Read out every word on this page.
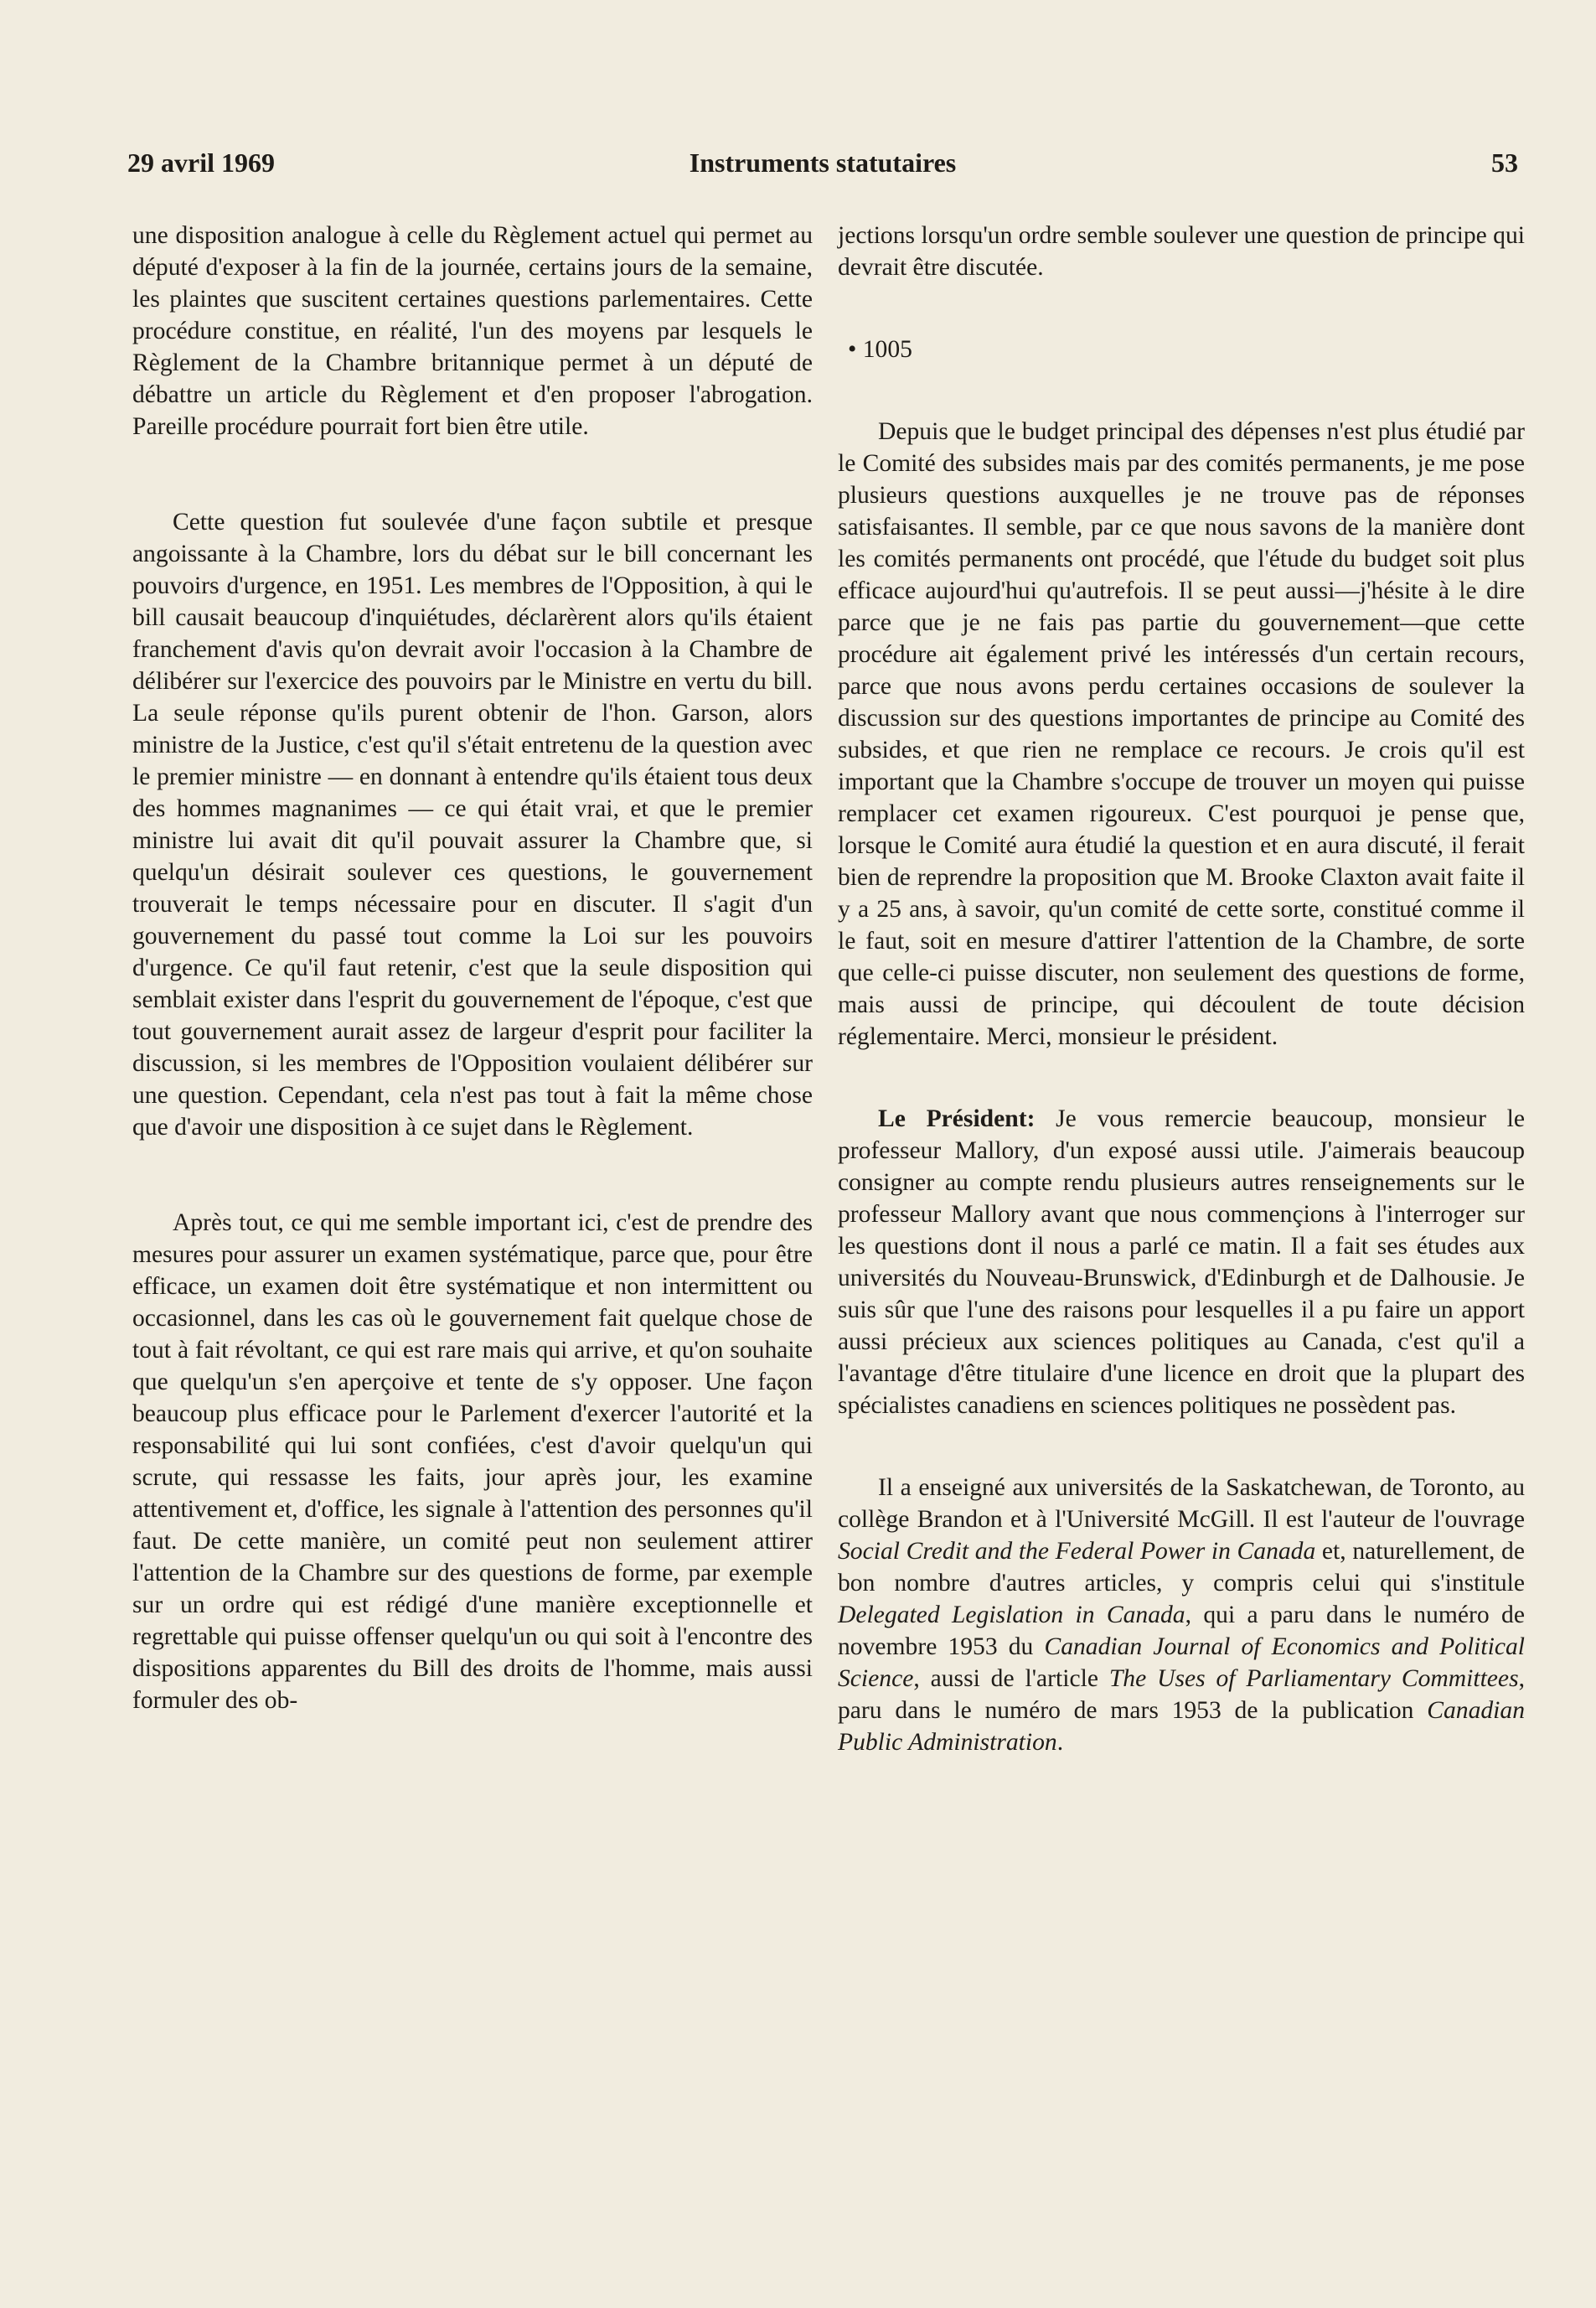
29 avril 1969	Instruments statutaires	53

une disposition analogue à celle du Règlement actuel qui permet au député d'exposer à la fin de la journée, certains jours de la semaine, les plaintes que suscitent certaines questions parlementaires. Cette procédure constitue, en réalité, l'un des moyens par lesquels le Règlement de la Chambre britannique permet à un député de débattre un article du Règlement et d'en proposer l'abrogation. Pareille procédure pourrait fort bien être utile.

Cette question fut soulevée d'une façon subtile et presque angoissante à la Chambre, lors du débat sur le bill concernant les pouvoirs d'urgence, en 1951. Les membres de l'Opposition, à qui le bill causait beaucoup d'inquiétudes, déclarèrent alors qu'ils étaient franchement d'avis qu'on devrait avoir l'occasion à la Chambre de délibérer sur l'exercice des pouvoirs par le Ministre en vertu du bill. La seule réponse qu'ils purent obtenir de l'hon. Garson, alors ministre de la Justice, c'est qu'il s'était entretenu de la question avec le premier ministre — en donnant à entendre qu'ils étaient tous deux des hommes magnanimes — ce qui était vrai, et que le premier ministre lui avait dit qu'il pouvait assurer la Chambre que, si quelqu'un désirait soulever ces questions, le gouvernement trouverait le temps nécessaire pour en discuter. Il s'agit d'un gouvernement du passé tout comme la Loi sur les pouvoirs d'urgence. Ce qu'il faut retenir, c'est que la seule disposition qui semblait exister dans l'esprit du gouvernement de l'époque, c'est que tout gouvernement aurait assez de largeur d'esprit pour faciliter la discussion, si les membres de l'Opposition voulaient délibérer sur une question. Cependant, cela n'est pas tout à fait la même chose que d'avoir une disposition à ce sujet dans le Règlement.

Après tout, ce qui me semble important ici, c'est de prendre des mesures pour assurer un examen systématique, parce que, pour être efficace, un examen doit être systématique et non intermittent ou occasionnel, dans les cas où le gouvernement fait quelque chose de tout à fait révoltant, ce qui est rare mais qui arrive, et qu'on souhaite que quelqu'un s'en aperçoive et tente de s'y opposer. Une façon beaucoup plus efficace pour le Parlement d'exercer l'autorité et la responsabilité qui lui sont confiées, c'est d'avoir quelqu'un qui scrute, qui ressasse les faits, jour après jour, les examine attentivement et, d'office, les signale à l'attention des personnes qu'il faut. De cette manière, un comité peut non seulement attirer l'attention de la Chambre sur des questions de forme, par exemple sur un ordre qui est rédigé d'une manière exceptionnelle et regrettable qui puisse offenser quelqu'un ou qui soit à l'encontre des dispositions apparentes du Bill des droits de l'homme, mais aussi formuler des ob-

jections lorsqu'un ordre semble soulever une question de principe qui devrait être discutée.

• 1005

Depuis que le budget principal des dépenses n'est plus étudié par le Comité des subsides mais par des comités permanents, je me pose plusieurs questions auxquelles je ne trouve pas de réponses satisfaisantes. Il semble, par ce que nous savons de la manière dont les comités permanents ont procédé, que l'étude du budget soit plus efficace aujourd'hui qu'autrefois. Il se peut aussi—j'hésite à le dire parce que je ne fais pas partie du gouvernement—que cette procédure ait également privé les intéressés d'un certain recours, parce que nous avons perdu certaines occasions de soulever la discussion sur des questions importantes de principe au Comité des subsides, et que rien ne remplace ce recours. Je crois qu'il est important que la Chambre s'occupe de trouver un moyen qui puisse remplacer cet examen rigoureux. C'est pourquoi je pense que, lorsque le Comité aura étudié la question et en aura discuté, il ferait bien de reprendre la proposition que M. Brooke Claxton avait faite il y a 25 ans, à savoir, qu'un comité de cette sorte, constitué comme il le faut, soit en mesure d'attirer l'attention de la Chambre, de sorte que celle-ci puisse discuter, non seulement des questions de forme, mais aussi de principe, qui découlent de toute décision réglementaire. Merci, monsieur le président.

Le Président: Je vous remercie beaucoup, monsieur le professeur Mallory, d'un exposé aussi utile. J'aimerais beaucoup consigner au compte rendu plusieurs autres renseignements sur le professeur Mallory avant que nous commençions à l'interroger sur les questions dont il nous a parlé ce matin. Il a fait ses études aux universités du Nouveau-Brunswick, d'Edinburgh et de Dalhousie. Je suis sûr que l'une des raisons pour lesquelles il a pu faire un apport aussi précieux aux sciences politiques au Canada, c'est qu'il a l'avantage d'être titulaire d'une licence en droit que la plupart des spécialistes canadiens en sciences politiques ne possèdent pas.

Il a enseigné aux universités de la Saskatchewan, de Toronto, au collège Brandon et à l'Université McGill. Il est l'auteur de l'ouvrage Social Credit and the Federal Power in Canada et, naturellement, de bon nombre d'autres articles, y compris celui qui s'institule Delegated Legislation in Canada, qui a paru dans le numéro de novembre 1953 du Canadian Journal of Economics and Political Science, aussi de l'article The Uses of Parliamentary Committees, paru dans le numéro de mars 1953 de la publication Canadian Public Administration.
